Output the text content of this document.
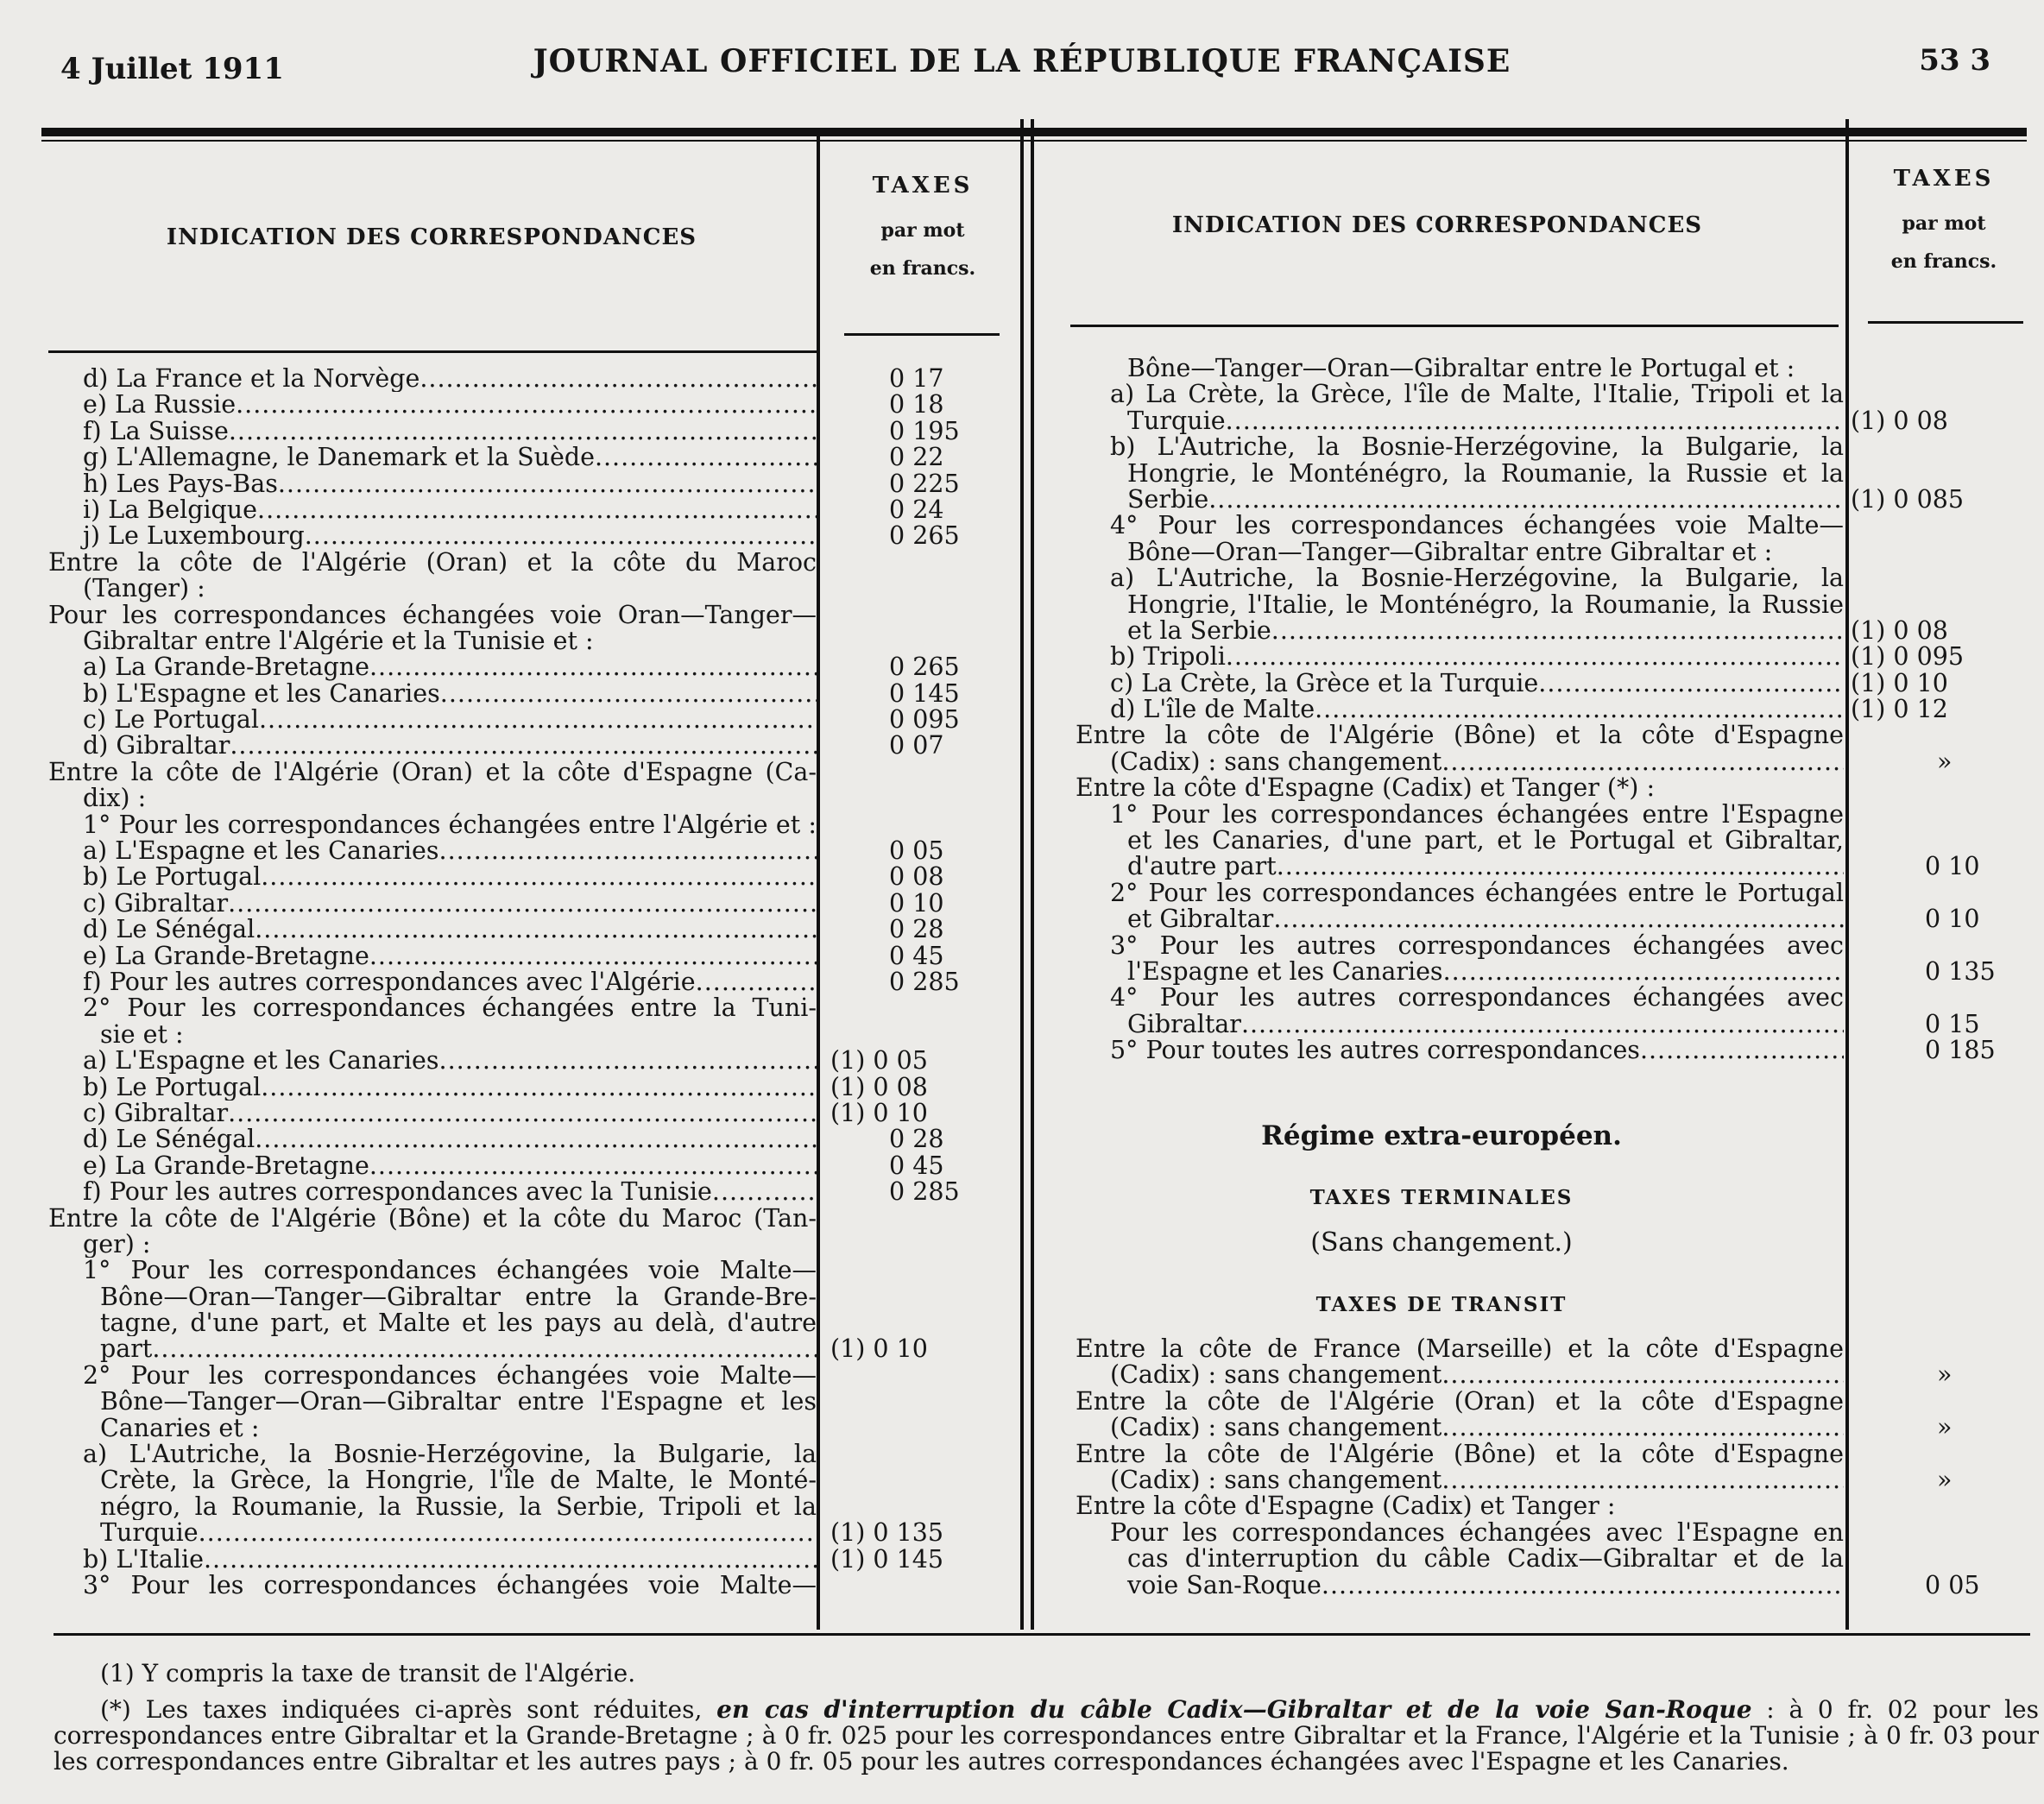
4 Juillet 1911	JOURNAL OFFICIEL DE LA RÉPUBLIQUE FRANÇAISE	53 3
INDICATION DES CORRESPONDANCES
TAXES
par mot
en francs.
INDICATION DES CORRESPONDANCES
TAXES
par mot
en francs.
d) La France et la Norvège
.....
e) La Russie
.....
f) La Suisse
.....
g) L'Allemagne, le Danemark et la Suède
.....
h) Les Pays-Bas
.....
i) La Belgique
.....
j) Le Luxembourg
.....
Entre la côte de l'Algérie (Oran) et la côte du Maroc
(Tanger) :
Pour les correspondances échangées voie Oran—Tanger—
Gibraltar entre l'Algérie et la Tunisie et :
a) La Grande-Bretagne
.....
b) L'Espagne et les Canaries
.....
c) Le Portugal
.....
d) Gibraltar
.....
Entre la côte de l'Algérie (Oran) et la côte d'Espagne (Ca-
dix) :
1° Pour les correspondances échangées entre l'Algérie et :
a) L'Espagne et les Canaries
.....
b) Le Portugal
.....
c) Gibraltar
.....
d) Le Sénégal
.....
e) La Grande-Bretagne
.....
f) Pour les autres correspondances avec l'Algérie
.....
2° Pour les correspondances échangées entre la Tuni-
sie et :
a) L'Espagne et les Canaries
.....
b) Le Portugal
.....
c) Gibraltar
.....
d) Le Sénégal
.....
e) La Grande-Bretagne
.....
f) Pour les autres correspondances avec la Tunisie
.....
Entre la côte de l'Algérie (Bône) et la côte du Maroc (Tan-
ger) :
1° Pour les correspondances échangées voie Malte—
Bône—Oran—Tanger—Gibraltar entre la Grande-Bre-
tagne, d'une part, et Malte et les pays au delà, d'autre
part
.....
2° Pour les correspondances échangées voie Malte—
Bône—Tanger—Oran—Gibraltar entre l'Espagne et les
Canaries et :
a) L'Autriche, la Bosnie-Herzégovine, la Bulgarie, la
Crète, la Grèce, la Hongrie, l'île de Malte, le Monté-
négro, la Roumanie, la Russie, la Serbie, Tripoli et la
Turquie
.....
b) L'Italie
.....
3° Pour les correspondances échangées voie Malte—
0 17
0 18
0 195
0 22
0 225
0 24
0 265
0 265
0 145
0 095
0 07
0 05
0 08
0 10
0 28
0 45
0 285
(1) 0 05
(1) 0 08
(1) 0 10
0 28
0 45
0 285
(1) 0 10
(1) 0 135
(1) 0 145
Bône—Tanger—Oran—Gibraltar entre le Portugal et :
a) La Crète, la Grèce, l'île de Malte, l'Italie, Tripoli et la
Turquie
.....
b) L'Autriche, la Bosnie-Herzégovine, la Bulgarie, la
Hongrie, le Monténégro, la Roumanie, la Russie et la
Serbie
.....
4° Pour les correspondances échangées voie Malte—
Bône—Oran—Tanger—Gibraltar entre Gibraltar et :
a) L'Autriche, la Bosnie-Herzégovine, la Bulgarie, la
Hongrie, l'Italie, le Monténégro, la Roumanie, la Russie
et la Serbie
.....
b) Tripoli
.....
c) La Crète, la Grèce et la Turquie
.....
d) L'île de Malte
.....
Entre la côte de l'Algérie (Bône) et la côte d'Espagne
(Cadix) : sans changement
.....
Entre la côte d'Espagne (Cadix) et Tanger (*) :
1° Pour les correspondances échangées entre l'Espagne
et les Canaries, d'une part, et le Portugal et Gibraltar,
d'autre part
.....
2° Pour les correspondances échangées entre le Portugal
et Gibraltar
.....
3° Pour les autres correspondances échangées avec
l'Espagne et les Canaries
.....
4° Pour les autres correspondances échangées avec
Gibraltar
.....
5° Pour toutes les autres correspondances
.....
(1) 0 08
(1) 0 085
(1) 0 08
(1) 0 095
(1) 0 10
(1) 0 12
»
0 10
0 10
0 135
0 15
0 185
Régime extra-européen.
TAXES TERMINALES
(Sans changement.)
TAXES DE TRANSIT
Entre la côte de France (Marseille) et la côte d'Espagne
(Cadix) : sans changement
.....
Entre la côte de l'Algérie (Oran) et la côte d'Espagne
(Cadix) : sans changement
.....
Entre la côte de l'Algérie (Bône) et la côte d'Espagne
(Cadix) : sans changement
.....
Entre la côte d'Espagne (Cadix) et Tanger :
Pour les correspondances échangées avec l'Espagne en
cas d'interruption du câble Cadix—Gibraltar et de la
voie San-Roque
.....
»
»
»
0 05

(1) Y compris la taxe de transit de l'Algérie.

(*) Les taxes indiquées ci-après sont réduites, en cas d'interruption du câble Cadix—Gibraltar et de la voie San-Roque : à 0 fr. 02 pour les correspondances entre Gibraltar et la Grande-Bretagne ; à 0 fr. 025 pour les correspondances entre Gibraltar et la France, l'Algérie et la Tunisie ; à 0 fr. 03 pour les correspondances entre Gibraltar et les autres pays ; à 0 fr. 05 pour les autres correspondances échangées avec l'Espagne et les Canaries.
